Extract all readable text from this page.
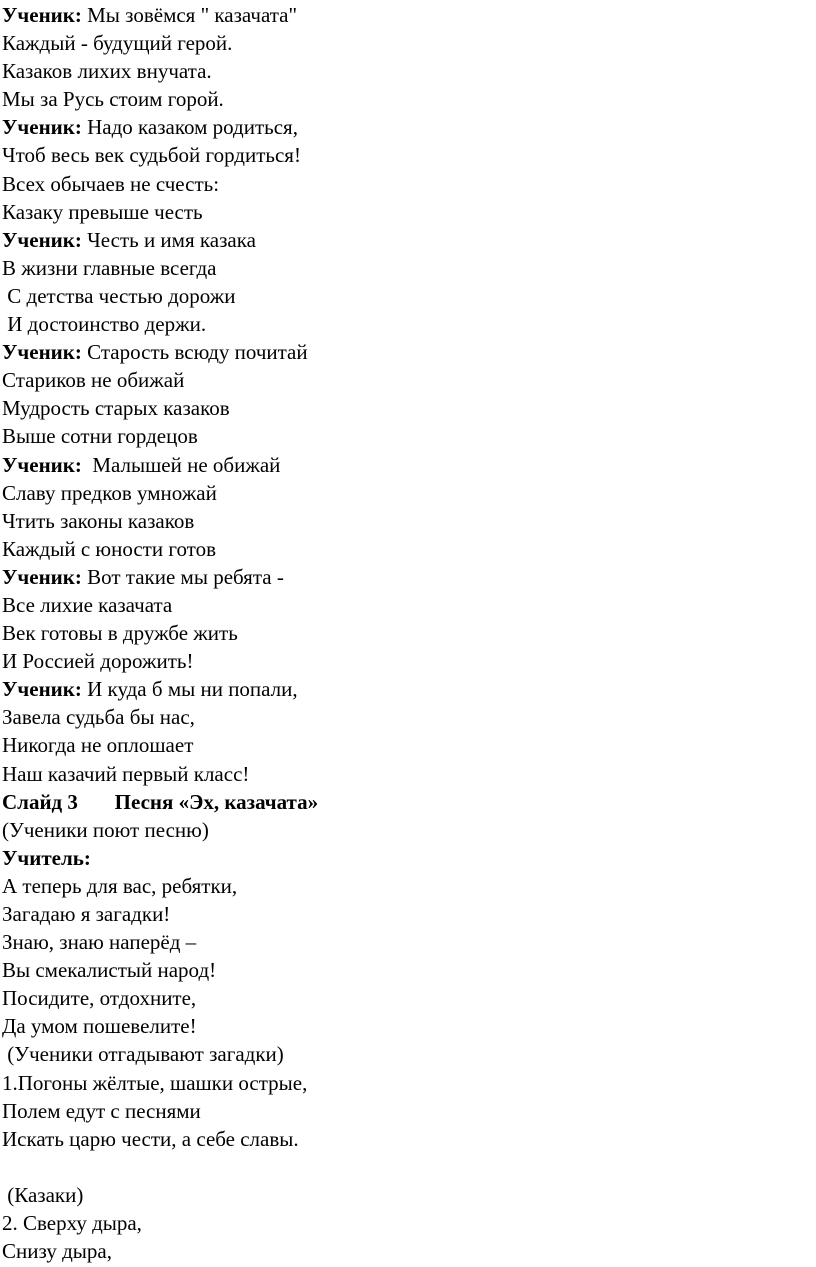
Ученик: Мы зовёмся " казачата"
Каждый - будущий герой.
Казаков лихих внучата.
Мы за Русь стоим горой.
Ученик: Надо казаком родиться,
Чтоб весь век судьбой гордиться!
Всех обычаев не счесть:
Казаку превыше честь
Ученик: Честь и имя казака
В жизни главные всегда
С детства честью дорожи
И достоинство держи.
Ученик: Старость всюду почитай
Стариков не обижай
Мудрость старых казаков
Выше сотни гордецов
Ученик:  Малышей не обижай
Славу предков умножай
Чтить законы казаков
Каждый с юности готов
Ученик: Вот такие мы ребята -
Все лихие казачата
Век готовы в дружбе жить
И Россией дорожить!
Ученик: И куда б мы ни попали,
Завела судьба бы нас,
Никогда не оплошает
Наш казачий первый класс!
Слайд 3       Песня «Эх, казачата»
(Ученики поют песню)
Учитель:
А теперь для вас, ребятки,
Загадаю я загадки!
Знаю, знаю наперёд –
Вы смекалистый народ!
Посидите, отдохните,
Да умом пошевелите!
(Ученики отгадывают загадки)
1.Погоны жёлтые, шашки острые,
Полем едут с песнями
Искать царю чести, а себе славы.
(Казаки)
2. Сверху дыра,
Снизу дыра,
